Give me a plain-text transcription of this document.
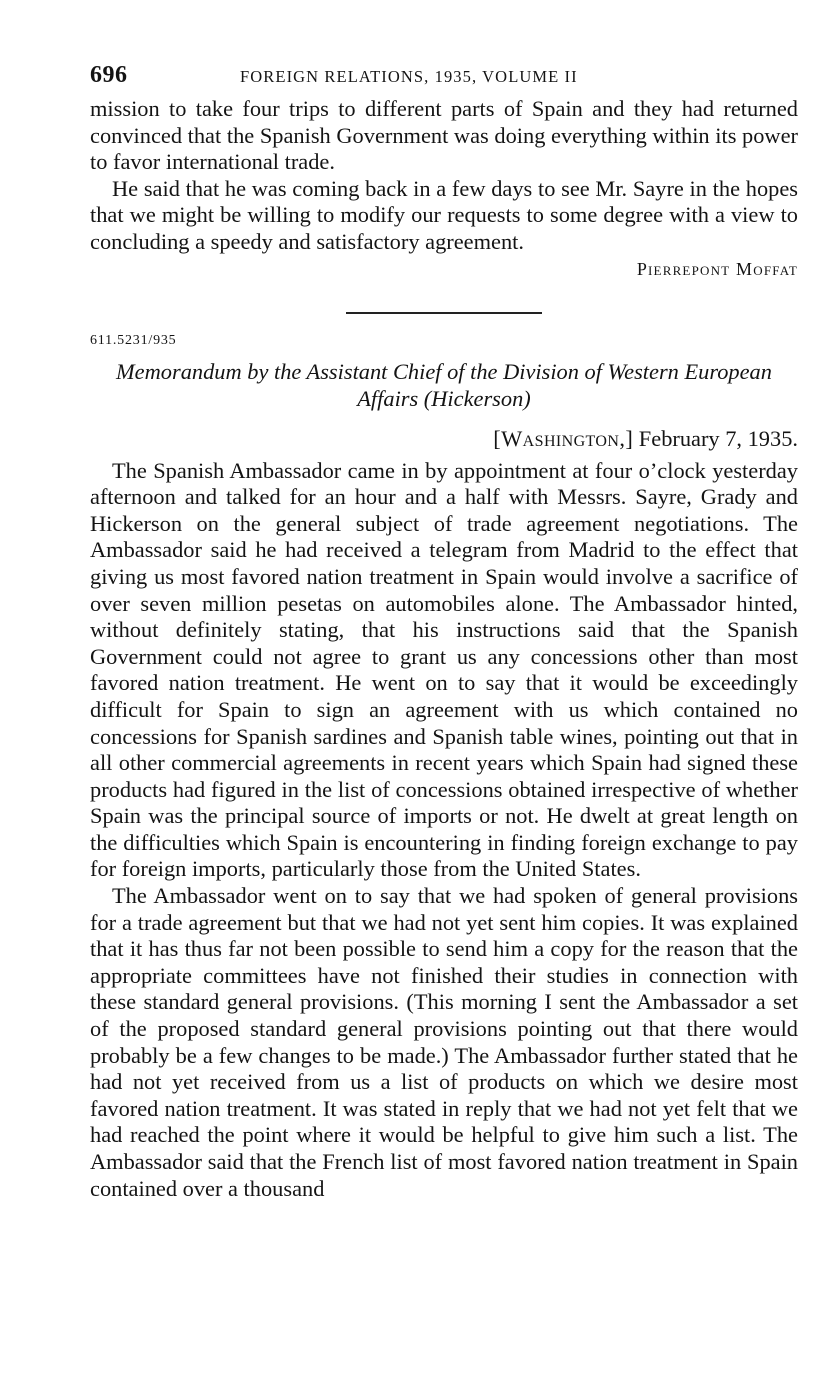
696	FOREIGN RELATIONS, 1935, VOLUME II

mission to take four trips to different parts of Spain and they had returned convinced that the Spanish Government was doing everything within its power to favor international trade.

He said that he was coming back in a few days to see Mr. Sayre in the hopes that we might be willing to modify our requests to some degree with a view to concluding a speedy and satisfactory agreement.

Pierrepont Moffat
611.5231/935
Memorandum by the Assistant Chief of the Division of Western European Affairs (Hickerson)
[Washington,] February 7, 1935.

The Spanish Ambassador came in by appointment at four o’clock yesterday afternoon and talked for an hour and a half with Messrs. Sayre, Grady and Hickerson on the general subject of trade agreement negotiations. The Ambassador said he had received a telegram from Madrid to the effect that giving us most favored nation treatment in Spain would involve a sacrifice of over seven million pesetas on automobiles alone. The Ambassador hinted, without definitely stating, that his instructions said that the Spanish Government could not agree to grant us any concessions other than most favored nation treatment. He went on to say that it would be exceedingly difficult for Spain to sign an agreement with us which contained no concessions for Spanish sardines and Spanish table wines, pointing out that in all other commercial agreements in recent years which Spain had signed these products had figured in the list of concessions obtained irrespective of whether Spain was the principal source of imports or not. He dwelt at great length on the difficulties which Spain is encountering in finding foreign exchange to pay for foreign imports, particularly those from the United States.

The Ambassador went on to say that we had spoken of general provisions for a trade agreement but that we had not yet sent him copies. It was explained that it has thus far not been possible to send him a copy for the reason that the appropriate committees have not finished their studies in connection with these standard general provisions. (This morning I sent the Ambassador a set of the proposed standard general provisions pointing out that there would probably be a few changes to be made.) The Ambassador further stated that he had not yet received from us a list of products on which we desire most favored nation treatment. It was stated in reply that we had not yet felt that we had reached the point where it would be helpful to give him such a list. The Ambassador said that the French list of most favored nation treatment in Spain contained over a thousand
